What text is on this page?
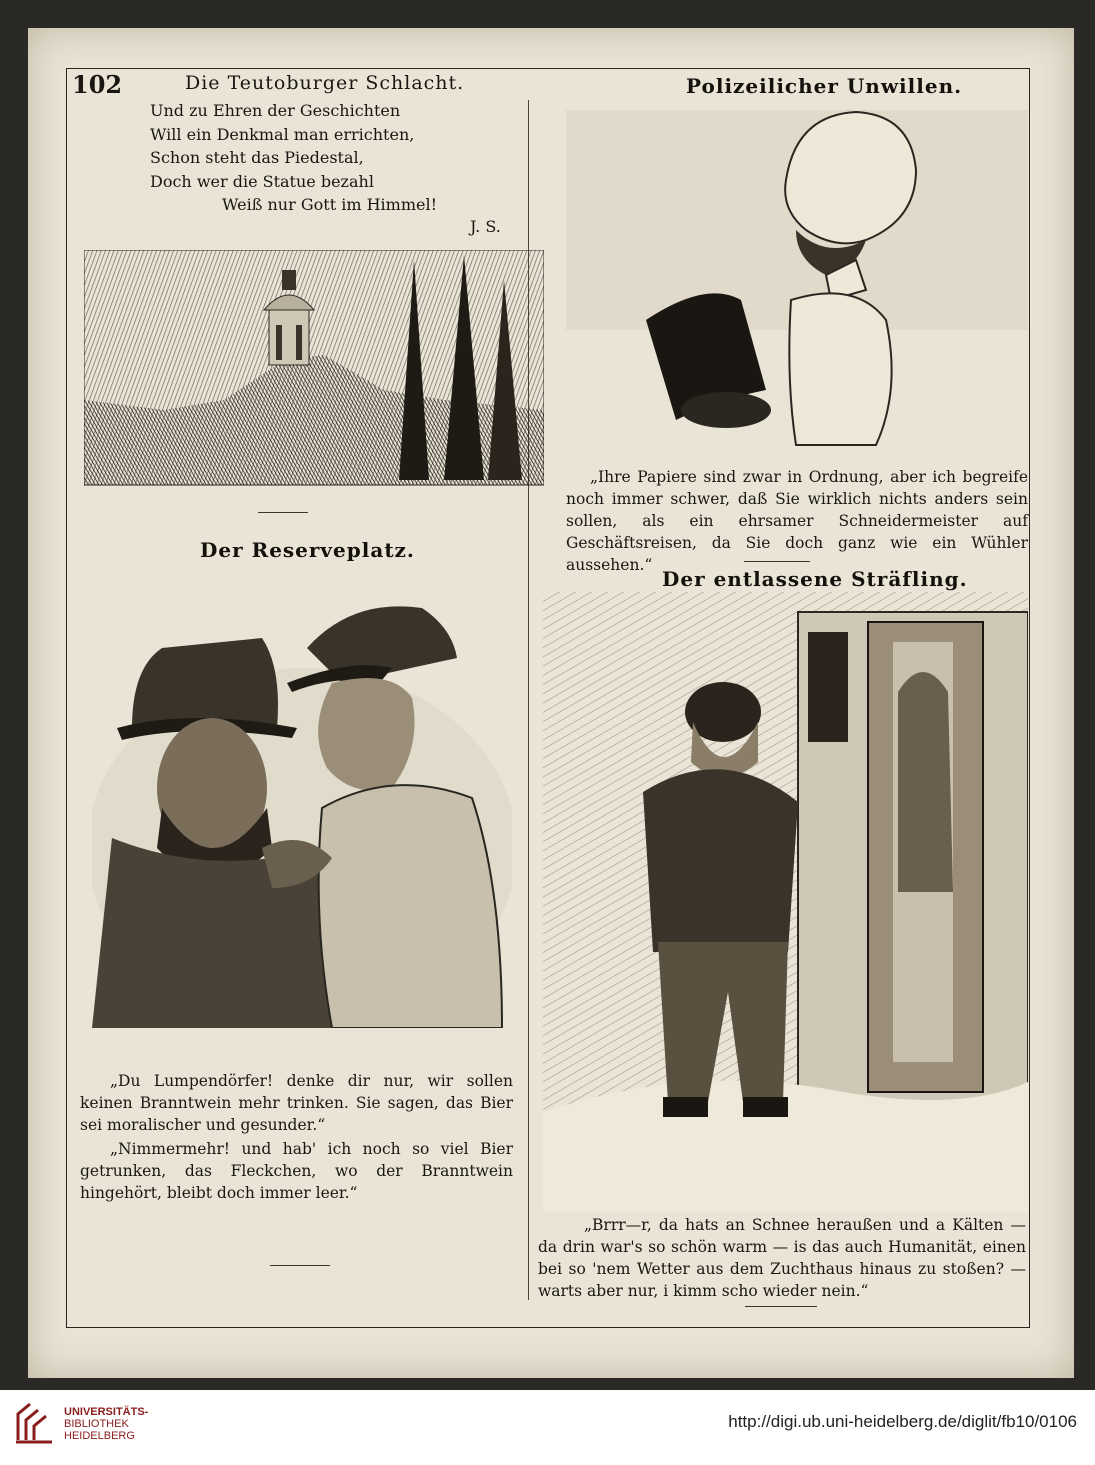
102	Die Teutoburger Schlacht.
Und zu Ehren der Geschichten
Will ein Denkmal man errichten,
Schon steht das Piedestal,
Doch wer die Statue bezahl
Weiß nur Gott im Himmel!
J. S.
Der Reserveplatz.

„Du Lumpendörfer! denke dir nur, wir sollen keinen Branntwein mehr trinken. Sie sagen, das Bier sei moralischer und gesunder.“

„Nimmermehr! und hab' ich noch so viel Bier getrunken, das Fleckchen, wo der Branntwein hingehört, bleibt doch immer leer.“

Polizeilicher Unwillen.
„Ihre Papiere sind zwar in Ordnung, aber ich begreife noch immer schwer, daß Sie wirklich nichts anders sein sollen, als ein ehrsamer Schneidermeister auf Geschäftsreisen, da Sie doch ganz wie ein Wühler aussehen.“
Der entlassene Sträfling.
„Brrr—r, da hats an Schnee heraußen und a Kälten — da drin war's so schön warm — is das auch Humanität, einen bei so 'nem Wetter aus dem Zuchthaus hinaus zu stoßen? — warts aber nur, i kimm scho wieder nein.“
UNIVERSITÄTS-
BIBLIOTHEK
HEIDELBERG
http://digi.ub.uni-heidelberg.de/diglit/fb10/0106
